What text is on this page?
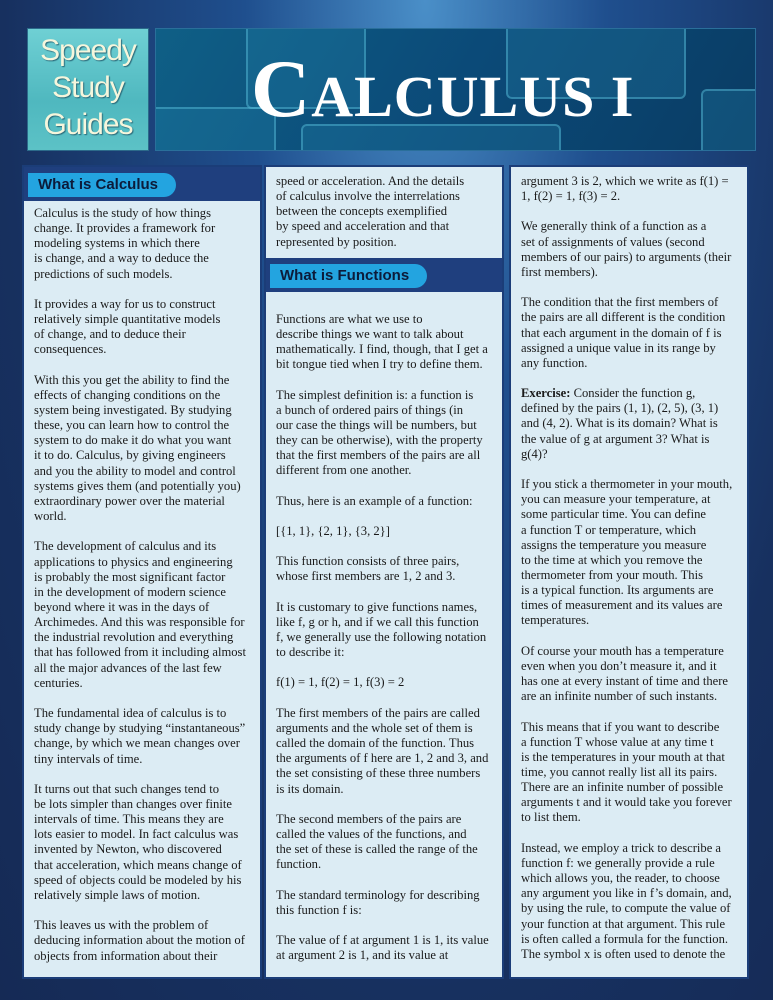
Speedy
Study
Guides CALCULUS I
What is Calculus

Calculus is the study of how things
change. It provides a framework for
modeling systems in which there
is change, and a way to deduce the
predictions of such models.

It provides a way for us to construct
relatively simple quantitative models
of change, and to deduce their
consequences.

With this you get the ability to find the
effects of changing conditions on the
system being investigated. By studying
these, you can learn how to control the
system to do make it do what you want
it to do. Calculus, by giving engineers
and you the ability to model and control
systems gives them (and potentially you)
extraordinary power over the material
world.

The development of calculus and its
applications to physics and engineering
is probably the most significant factor
in the development of modern science
beyond where it was in the days of
Archimedes. And this was responsible for
the industrial revolution and everything
that has followed from it including almost
all the major advances of the last few
centuries.

The fundamental idea of calculus is to
study change by studying “instantaneous”
change, by which we mean changes over
tiny intervals of time.

It turns out that such changes tend to
be lots simpler than changes over finite
intervals of time. This means they are
lots easier to model. In fact calculus was
invented by Newton, who discovered
that acceleration, which means change of
speed of objects could be modeled by his
relatively simple laws of motion.

This leaves us with the problem of
deducing information about the motion of
objects from information about their

speed or acceleration. And the details
of calculus involve the interrelations
between the concepts exemplified
by speed and acceleration and that
represented by position.

What is Functions

Functions are what we use to
describe things we want to talk about
mathematically. I find, though, that I get a
bit tongue tied when I try to define them.

The simplest definition is: a function is
a bunch of ordered pairs of things (in
our case the things will be numbers, but
they can be otherwise), with the property
that the first members of the pairs are all
different from one another.

Thus, here is an example of a function:

[{1, 1}, {2, 1}, {3, 2}]

This function consists of three pairs,
whose first members are 1, 2 and 3.

It is customary to give functions names,
like f, g or h, and if we call this function
f, we generally use the following notation
to describe it:

f(1) = 1, f(2) = 1, f(3) = 2

The first members of the pairs are called
arguments and the whole set of them is
called the domain of the function. Thus
the arguments of f here are 1, 2 and 3, and
the set consisting of these three numbers
is its domain.

The second members of the pairs are
called the values of the functions, and
the set of these is called the range of the
function.

The standard terminology for describing
this function f is:

The value of f at argument 1 is 1, its value
at argument 2 is 1, and its value at

argument 3 is 2, which we write as f(1) =
1, f(2) = 1, f(3) = 2.

We generally think of a function as a
set of assignments of values (second
members of our pairs) to arguments (their
first members).

The condition that the first members of
the pairs are all different is the condition
that each argument in the domain of f is
assigned a unique value in its range by
any function.

Exercise: Consider the function g,
defined by the pairs (1, 1), (2, 5), (3, 1)
and (4, 2). What is its domain? What is
the value of g at argument 3? What is
g(4)?

If you stick a thermometer in your mouth,
you can measure your temperature, at
some particular time. You can define
a function T or temperature, which
assigns the temperature you measure
to the time at which you remove the
thermometer from your mouth. This
is a typical function. Its arguments are
times of measurement and its values are
temperatures.

Of course your mouth has a temperature
even when you don’t measure it, and it
has one at every instant of time and there
are an infinite number of such instants.

This means that if you want to describe
a function T whose value at any time t
is the temperatures in your mouth at that
time, you cannot really list all its pairs.
There are an infinite number of possible
arguments t and it would take you forever
to list them.

Instead, we employ a trick to describe a
function f: we generally provide a rule
which allows you, the reader, to choose
any argument you like in f’s domain, and,
by using the rule, to compute the value of
your function at that argument. This rule
is often called a formula for the function.
The symbol x is often used to denote the
